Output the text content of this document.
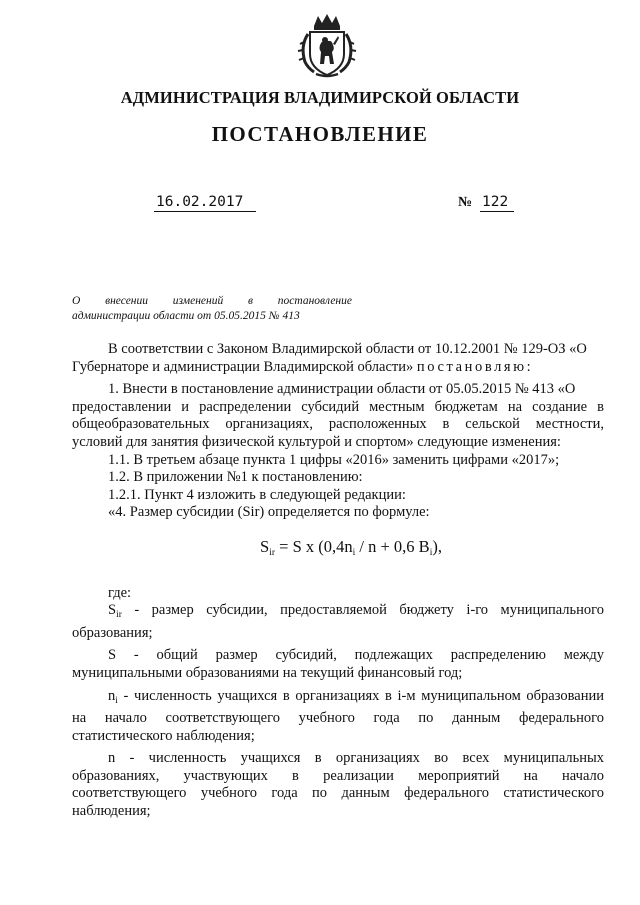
АДМИНИСТРАЦИЯ ВЛАДИМИРСКОЙ ОБЛАСТИ
ПОСТАНОВЛЕНИЕ
16.02.2017	№ 122
О внесении изменений в постановление
администрации области от 05.05.2015 № 413

В соответствии с Законом Владимирской области от 10.12.2001 № 129-ОЗ «О

Губернаторе и администрации Владимирской области» постановляю:

1. Внести в постановление администрации области от 05.05.2015 № 413 «О

предоставлении и распределении субсидий местным бюджетам на создание в

общеобразовательных организациях, расположенных в сельской местности,

условий для занятия физической культурой и спортом» следующие изменения:

1.1. В третьем абзаце пункта 1 цифры «2016» заменить цифрами «2017»;

1.2. В приложении №1 к постановлению:

1.2.1. Пункт 4 изложить в следующей редакции:

«4. Размер субсидии (Sir) определяется по формуле:

$S_{ir} = S$ x ($0,4n_i / n + 0,6$ $B_i$),

где:

$S_{ir}$ - размер субсидии, предоставляемой бюджету i-го муниципального

образования;

S - общий размер субсидий, подлежащих распределению между

муниципальными образованиями на текущий финансовый год;

$n_i$ - численность учащихся в организациях в i-м муниципальном образовании

на начало соответствующего учебного года по данным федерального

статистического наблюдения;

n - численность учащихся в организациях во всех муниципальных

образованиях, участвующих в реализации мероприятий на начало

соответствующего учебного года по данным федерального статистического

наблюдения;
